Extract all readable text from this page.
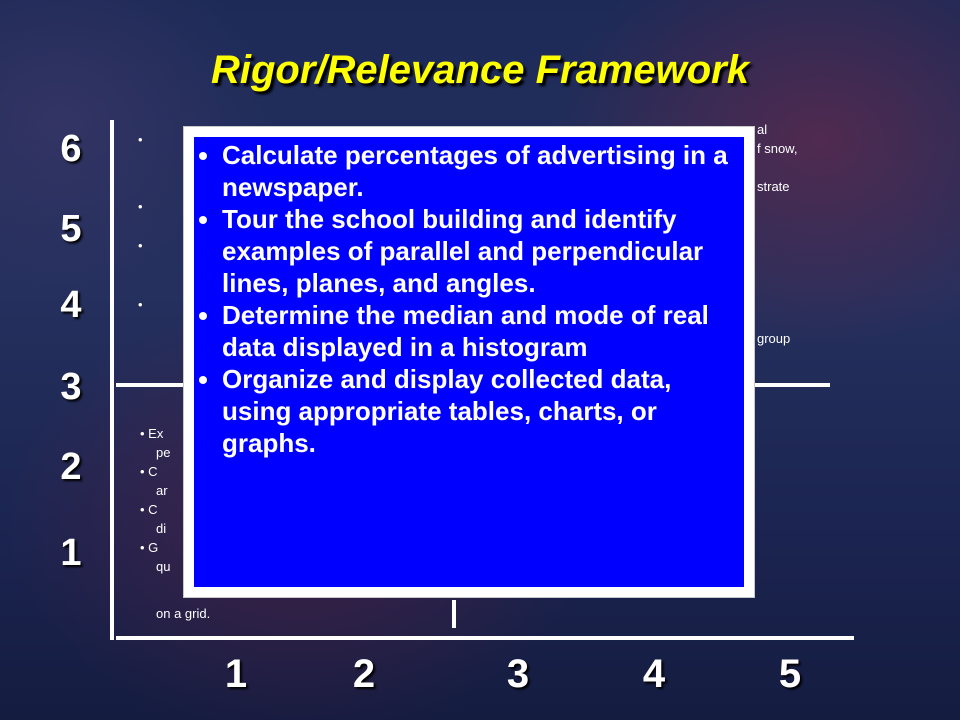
Rigor/Relevance Framework
6
5
4
3
2
1
•
•
•
•
al
f snow,
strate
group
• Ex
pe
• C
ar
• C
di
• G
qu
on a grid.
1	2	3	4	5
• Calculate percentages of advertising in a newspaper.
• Tour the school building and identify examples of parallel and perpendicular lines, planes, and angles.
• Determine the median and mode of real data displayed in a histogram
• Organize and display collected data, using appropriate tables, charts, or graphs.
